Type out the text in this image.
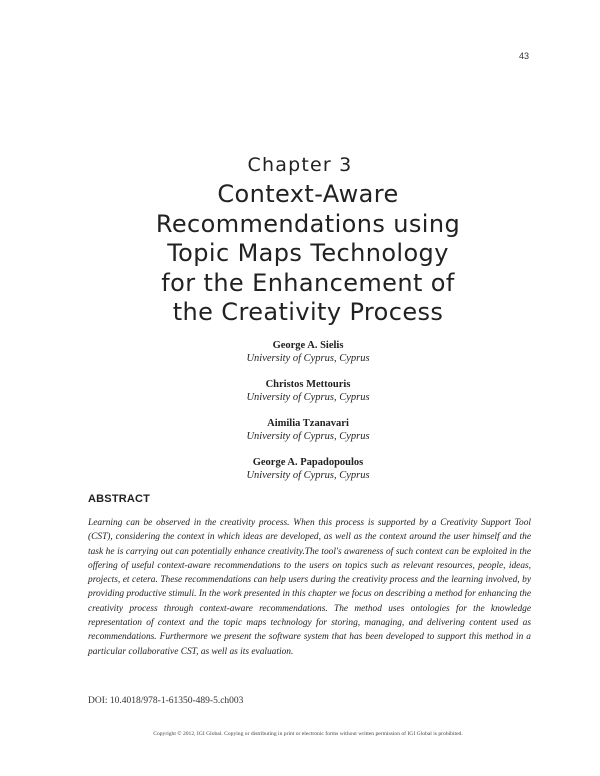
43
Chapter 3
Context-Aware
Recommendations using
Topic Maps Technology
for the Enhancement of
the Creativity Process
George A. Sielis
University of Cyprus, Cyprus
Christos Mettouris
University of Cyprus, Cyprus
Aimilia Tzanavari
University of Cyprus, Cyprus
George A. Papadopoulos
University of Cyprus, Cyprus
ABSTRACT
Learning can be observed in the creativity process. When this process is supported by a Creativity Support Tool (CST), considering the context in which ideas are developed, as well as the context around the user himself and the task he is carrying out can potentially enhance creativity.The tool's awareness of such context can be exploited in the offering of useful context-aware recommendations to the users on topics such as relevant resources, people, ideas, projects, et cetera. These recommendations can help users during the creativity process and the learning involved, by providing productive stimuli. In the work presented in this chapter we focus on describing a method for enhancing the creativity process through context-aware recommendations. The method uses ontologies for the knowledge representation of context and the topic maps technology for storing, managing, and delivering content used as recommendations. Furthermore we present the software system that has been developed to support this method in a particular collaborative CST, as well as its evaluation.
DOI: 10.4018/978-1-61350-489-5.ch003
Copyright © 2012, IGI Global. Copying or distributing in print or electronic forms without written permission of IGI Global is prohibited.
